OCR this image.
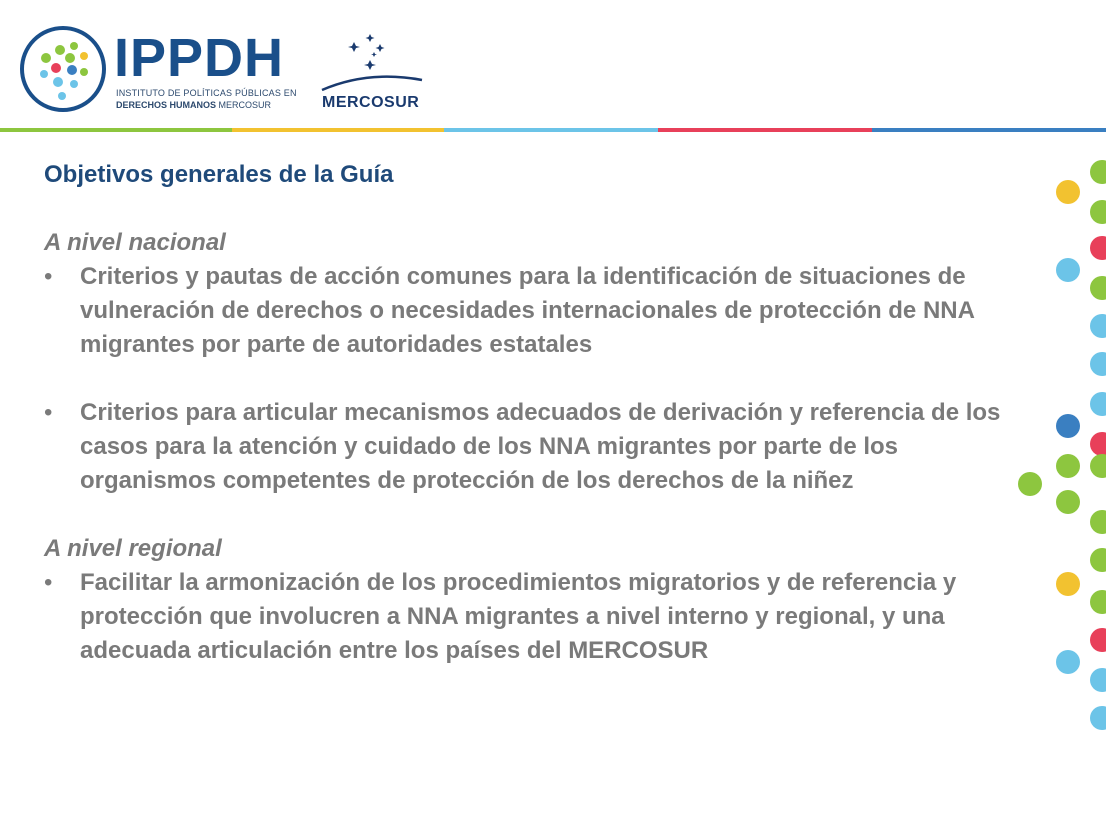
IPPDH
INSTITUTO DE POLÍTICAS PÚBLICAS EN
DERECHOS HUMANOS MERCOSUR	MERCOSUR
Objetivos generales de la Guía
A nivel nacional
• Criterios y pautas de acción comunes para la identificación de situaciones de vulneración de derechos o necesidades internacionales de protección de NNA migrantes por parte de autoridades estatales
• Criterios para articular mecanismos adecuados de derivación y referencia de los casos para la atención y cuidado de los NNA migrantes por parte de los organismos competentes de protección de los derechos de la niñez
A nivel regional
• Facilitar la armonización de los procedimientos migratorios y de referencia y protección que involucren a NNA migrantes a nivel interno y regional, y una adecuada articulación entre los países del MERCOSUR
